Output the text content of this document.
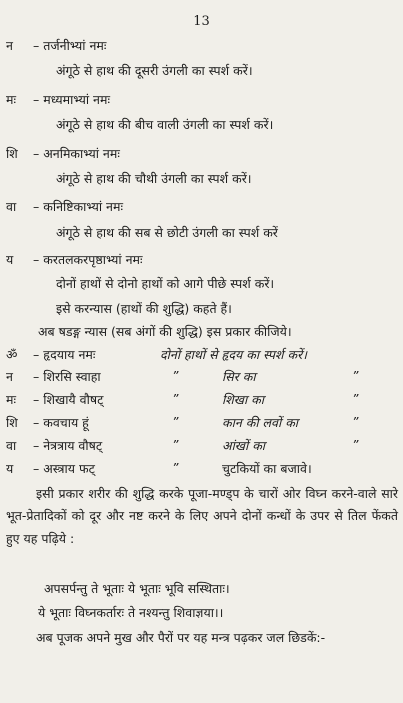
13
न – तर्जनीभ्यां नमः
अंगूठे से हाथ की दूसरी उंगली का स्पर्श करें।
मः – मध्यमाभ्यां नमः
अंगूठे से हाथ की बीच वाली उंगली का स्पर्श करें।
शि – अनमिकाभ्यां नमः
अंगूठे से हाथ की चौथी उंगली का स्पर्श करें।
वा – कनिष्टिकाभ्यां नमः
अंगूठे से हाथ की सब से छोटी उंगली का स्पर्श करें
य – करतलकरपृष्ठाभ्यां नमः
दोनों हाथों से दोनो हाथों को आगे पीछे स्पर्श करें।
इसे करन्यास (हाथों की शुद्धि) कहते हैं।
अब षडङ्ग न्यास (सब अंगों की शुद्धि) इस प्रकार कीजिये।
ॐ – हृदयाय नमः	दोनों हाथों से हृदय का स्पर्श करें।
न – शिरसि स्वाहा	”	सिर का	”
मः – शिखायै वौषट्	”	शिखा का	”
शि – कवचाय हूं	”	कान की लवों का	”
वा – नेत्रत्राय वौषट्	”	आंखों का	”
य – अस्त्राय फट्	”	चुटकियों का बजावे।
इसी प्रकार शरीर की शुद्धि करके पूजा-मण्ड्प के चारों ओर विघ्न करने-वाले सारे भूत-प्रेतादिकों को दूर और नष्ट करने के लिए अपने दोनों कन्धों के उपर से तिल फेंकते हुए यह पढ़िये :
अपसर्पन्तु ते भूताः ये भूताः भूवि सस्थिताः।
ये भूताः विघ्नकर्तारः ते नश्यन्तु शिवाज्ञया।।
अब पूजक अपने मुख और पैरों पर यह मन्त्र पढ़कर जल छिडकें:-
